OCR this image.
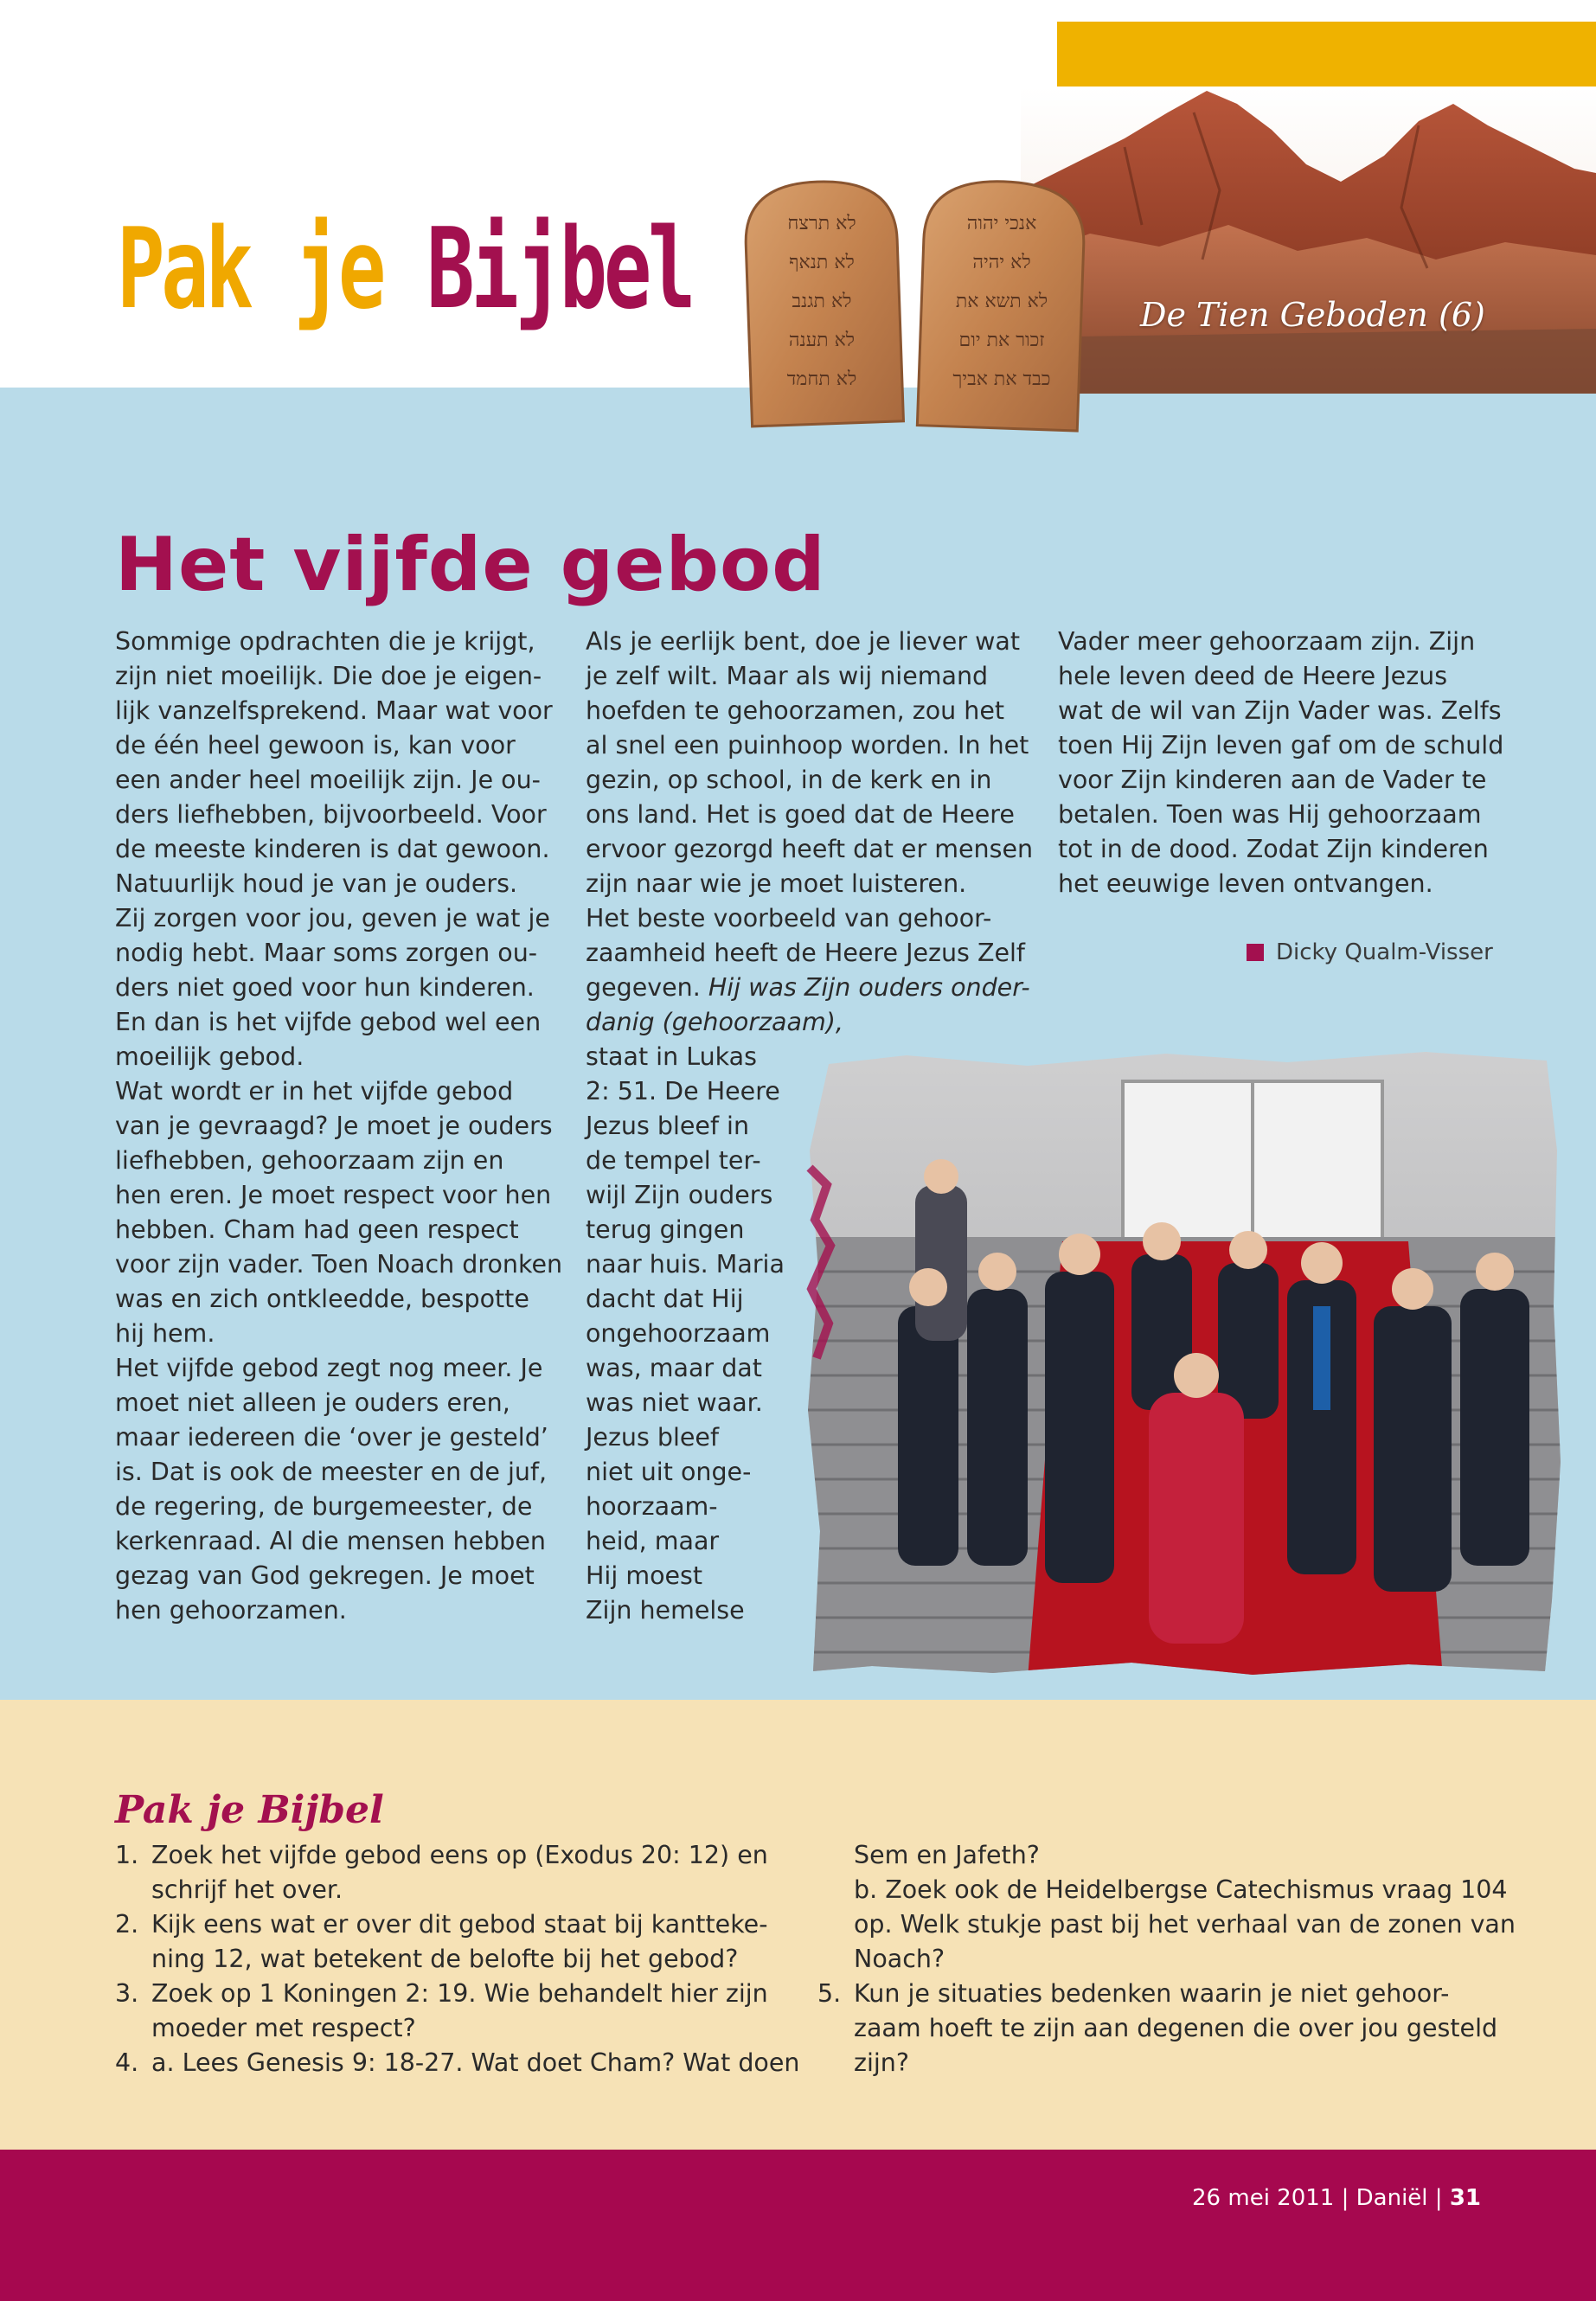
לא תרצח
לא תנאף
לא תגנב
לא תענה
לא תחמד
אנכי יהוה
לא יהיה
לא תשא את
זכור את יום
כבד את אביך
Pak je Bijbel	De Tien Geboden (6)
Het vijfde gebod
Sommige opdrachten die je krijgt,
zijn niet moeilijk. Die doe je eigen-
lijk vanzelfsprekend. Maar wat voor
de één heel gewoon is, kan voor
een ander heel moeilijk zijn. Je ou-
ders liefhebben, bijvoorbeeld. Voor
de meeste kinderen is dat gewoon.
Natuurlijk houd je van je ouders.
Zij zorgen voor jou, geven je wat je
nodig hebt. Maar soms zorgen ou-
ders niet goed voor hun kinderen.
En dan is het vijfde gebod wel een
moeilijk gebod.
Wat wordt er in het vijfde gebod
van je gevraagd? Je moet je ouders
liefhebben, gehoorzaam zijn en
hen eren. Je moet respect voor hen
hebben. Cham had geen respect
voor zijn vader. Toen Noach dronken
was en zich ontkleedde, bespotte
hij hem.
Het vijfde gebod zegt nog meer. Je
moet niet alleen je ouders eren,
maar iedereen die ‘over je gesteld’
is. Dat is ook de meester en de juf,
de regering, de burgemeester, de
kerkenraad. Al die mensen hebben
gezag van God gekregen. Je moet
hen gehoorzamen.
Als je eerlijk bent, doe je liever wat
je zelf wilt. Maar als wij niemand
hoefden te gehoorzamen, zou het
al snel een puinhoop worden. In het
gezin, op school, in de kerk en in
ons land. Het is goed dat de Heere
ervoor gezorgd heeft dat er mensen
zijn naar wie je moet luisteren.
Het beste voorbeeld van gehoor-
zaamheid heeft de Heere Jezus Zelf
gegeven. Hij was Zijn ouders onder-
danig (gehoorzaam),
staat in Lukas
2: 51. De Heere
Jezus bleef in
de tempel ter-
wijl Zijn ouders
terug gingen
naar huis. Maria
dacht dat Hij
ongehoorzaam
was, maar dat
was niet waar.
Jezus bleef
niet uit onge-
hoorzaam-
heid, maar
Hij moest
Zijn hemelse
Vader meer gehoorzaam zijn. Zijn
hele leven deed de Heere Jezus
wat de wil van Zijn Vader was. Zelfs
toen Hij Zijn leven gaf om de schuld
voor Zijn kinderen aan de Vader te
betalen. Toen was Hij gehoorzaam
tot in de dood. Zodat Zijn kinderen
het eeuwige leven ontvangen.
Dicky Qualm-Visser
Pak je Bijbel
1. Zoek het vijfde gebod eens op (Exodus 20: 12) en
schrijf het over.
2. Kijk eens wat er over dit gebod staat bij kantteke-
ning 12, wat betekent de belofte bij het gebod?
3. Zoek op 1 Koningen 2: 19. Wie behandelt hier zijn
moeder met respect?
4. a. Lees Genesis 9: 18-27. Wat doet Cham? Wat doen
Sem en Jafeth?
b. Zoek ook de Heidelbergse Catechismus vraag 104
op. Welk stukje past bij het verhaal van de zonen van
Noach?
5. Kun je situaties bedenken waarin je niet gehoor-
zaam hoeft te zijn aan degenen die over jou gesteld
zijn?
26 mei 2011 | Daniël | 31
